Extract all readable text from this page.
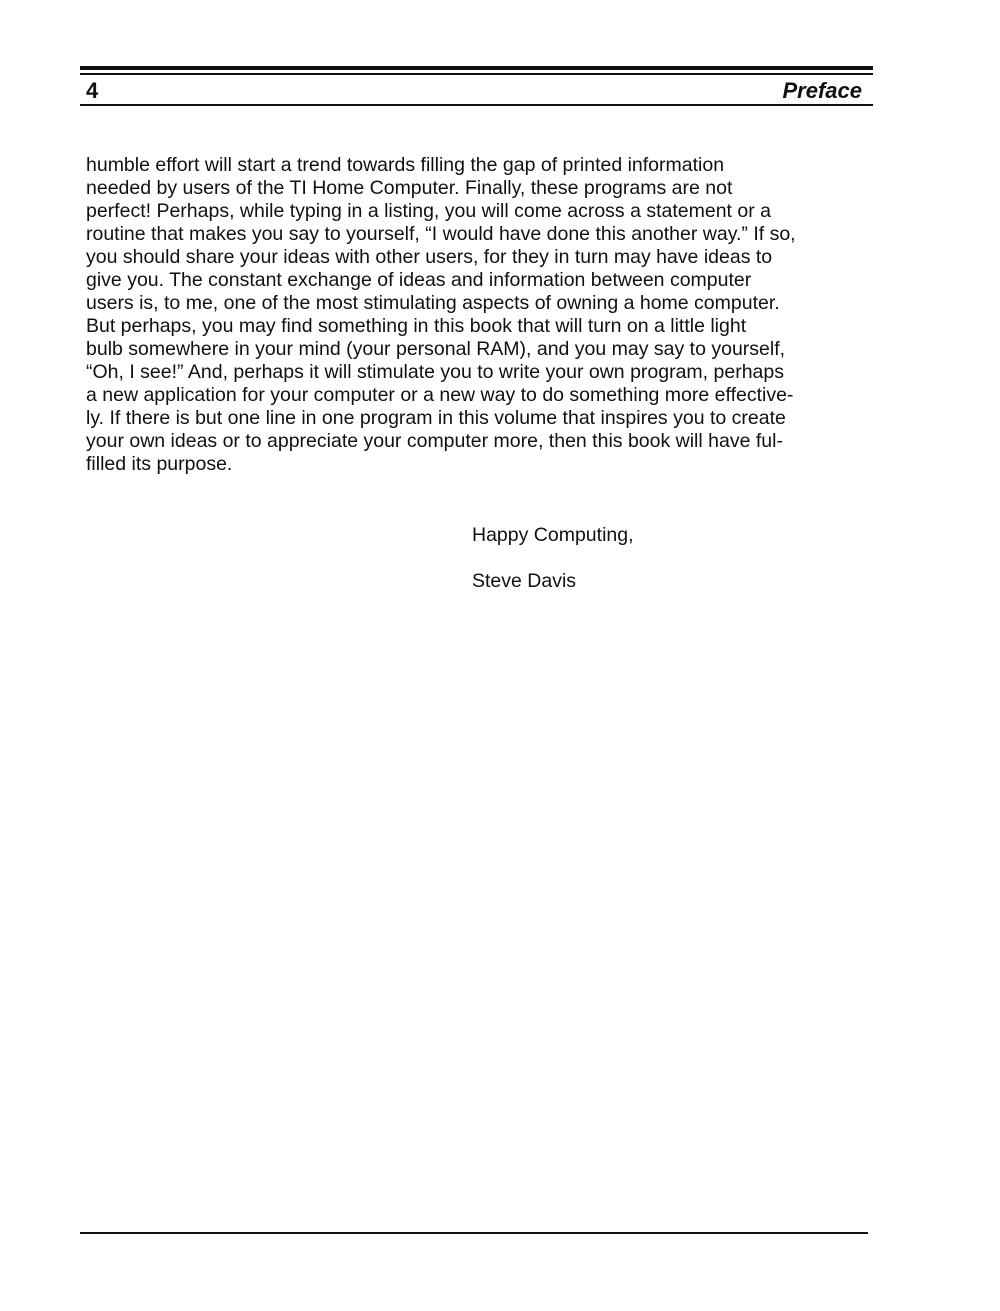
4	Preface

humble effort will start a trend towards filling the gap of printed information
needed by users of the TI Home Computer. Finally, these programs are not
perfect! Perhaps, while typing in a listing, you will come across a statement or a
routine that makes you say to yourself, “I would have done this another way.” If so,
you should share your ideas with other users, for they in turn may have ideas to
give you. The constant exchange of ideas and information between computer
users is, to me, one of the most stimulating aspects of owning a home computer.
But perhaps, you may find something in this book that will turn on a little light
bulb somewhere in your mind (your personal RAM), and you may say to yourself,
“Oh, I see!” And, perhaps it will stimulate you to write your own program, perhaps
a new application for your computer or a new way to do something more effective-
ly. If there is but one line in one program in this volume that inspires you to create
your own ideas or to appreciate your computer more, then this book will have ful-
filled its purpose.

Happy Computing,
Steve Davis
